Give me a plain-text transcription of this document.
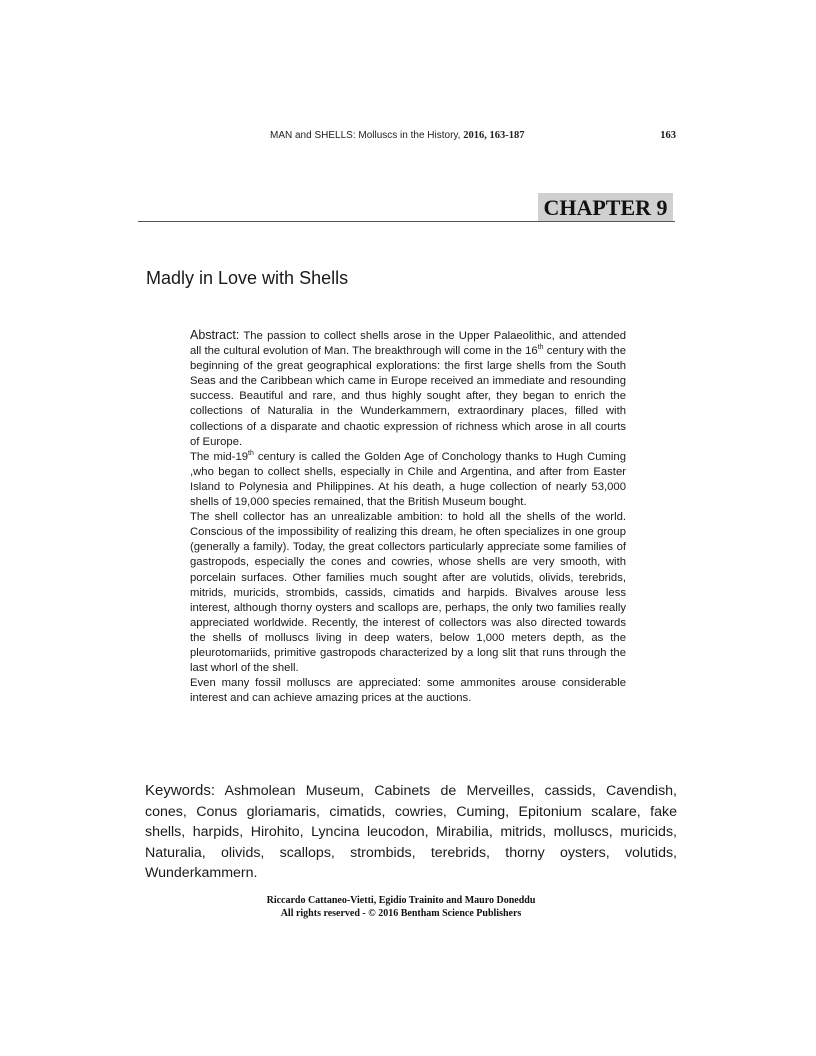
MAN and SHELLS: Molluscs in the History, 2016, 163-187	163
CHAPTER 9
Madly in Love with Shells

Abstract: The passion to collect shells arose in the Upper Palaeolithic, and attended all the cultural evolution of Man. The breakthrough will come in the 16th century with the beginning of the great geographical explorations: the first large shells from the South Seas and the Caribbean which came in Europe received an immediate and resounding success. Beautiful and rare, and thus highly sought after, they began to enrich the collections of Naturalia in the Wunderkammern, extraordinary places, filled with collections of a disparate and chaotic expression of richness which arose in all courts of Europe.

The mid-19th century is called the Golden Age of Conchology thanks to Hugh Cuming ,who began to collect shells, especially in Chile and Argentina, and after from Easter Island to Polynesia and Philippines. At his death, a huge collection of nearly 53,000 shells of 19,000 species remained, that the British Museum bought.

The shell collector has an unrealizable ambition: to hold all the shells of the world. Conscious of the impossibility of realizing this dream, he often specializes in one group (generally a family). Today, the great collectors particularly appreciate some families of gastropods, especially the cones and cowries, whose shells are very smooth, with porcelain surfaces. Other families much sought after are volutids, olivids, terebrids, mitrids, muricids, strombids, cassids, cimatids and harpids. Bivalves arouse less interest, although thorny oysters and scallops are, perhaps, the only two families really appreciated worldwide. Recently, the interest of collectors was also directed towards the shells of molluscs living in deep waters, below 1,000 meters depth, as the pleurotomariids, primitive gastropods characterized by a long slit that runs through the last whorl of the shell.

Even many fossil molluscs are appreciated: some ammonites arouse considerable interest and can achieve amazing prices at the auctions.

Keywords: Ashmolean Museum, Cabinets de Merveilles, cassids, Cavendish, cones, Conus gloriamaris, cimatids, cowries, Cuming, Epitonium scalare, fake shells, harpids, Hirohito, Lyncina leucodon, Mirabilia, mitrids, molluscs, muricids, Naturalia, olivids, scallops, strombids, terebrids, thorny oysters, volutids, Wunderkammern.
Riccardo Cattaneo-Vietti, Egidio Trainito and Mauro Doneddu
All rights reserved - © 2016 Bentham Science Publishers
